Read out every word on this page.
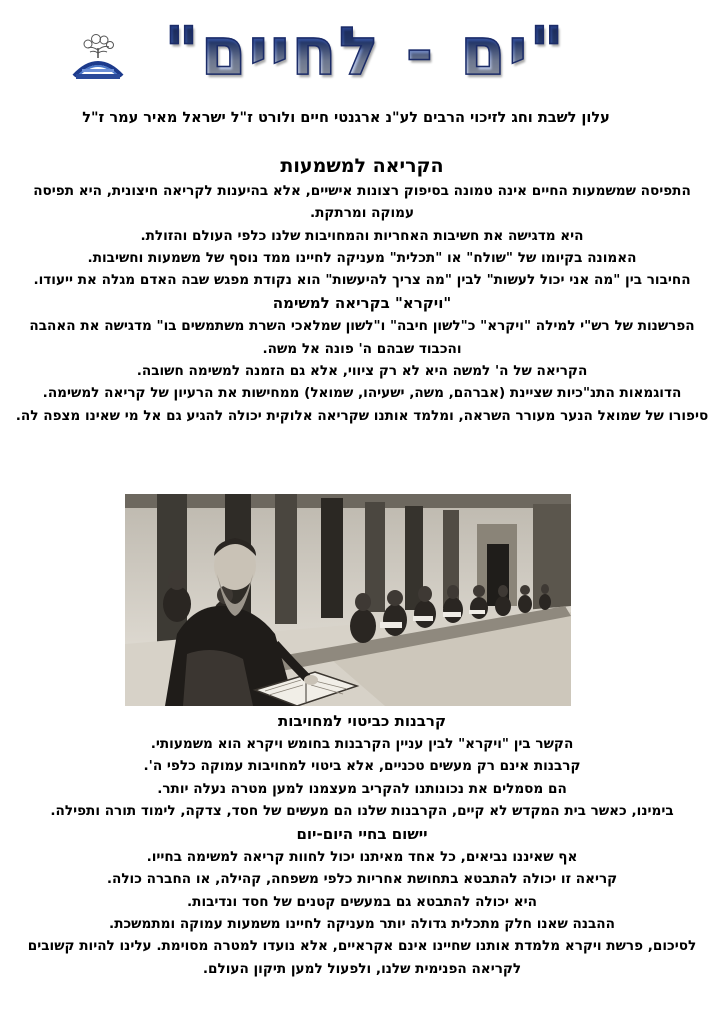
"ים - לחיים"
עלון לשבת וחג לזיכוי הרבים לע"נ ארגנטי חיים ולורט ז"ל ישראל מאיר עמר ז"ל
הקריאה למשמעות

התפיסה שמשמעות החיים אינה טמונה בסיפוק רצונות אישיים, אלא בהיענות לקריאה חיצונית, היא תפיסה עמוקה ומרתקת.

היא מדגישה את חשיבות האחריות והמחויבות שלנו כלפי העולם והזולת.

האמונה בקיומו של "שולח" או "תכלית" מעניקה לחיינו ממד נוסף של משמעות וחשיבות.

החיבור בין "מה אני יכול לעשות" לבין "מה צריך להיעשות" הוא נקודת מפגש שבה האדם מגלה את ייעודו.

"ויקרא" בקריאה למשימה

הפרשנות של רש"י למילה "ויקרא" כ"לשון חיבה" ו"לשון שמלאכי השרת משתמשים בו" מדגישה את האהבה והכבוד שבהם ה' פונה אל משה.

הקריאה של ה' למשה היא לא רק ציווי, אלא גם הזמנה למשימה חשובה.

הדוגמאות התנ"כיות שציינת (אברהם, משה, ישעיהו, שמואל) ממחישות את הרעיון של קריאה למשימה.

סיפורו של שמואל הנער מעורר השראה, ומלמד אותנו שקריאה אלוקית יכולה להגיע גם אל מי שאינו מצפה לה.

קרבנות כביטוי למחויבות

הקשר בין "ויקרא" לבין עניין הקרבנות בחומש ויקרא הוא משמעותי.

קרבנות אינם רק מעשים טכניים, אלא ביטוי למחויבות עמוקה כלפי ה'.

הם מסמלים את נכונותנו להקריב מעצמנו למען מטרה נעלה יותר.

בימינו, כאשר בית המקדש לא קיים, הקרבנות שלנו הם מעשים של חסד, צדקה, לימוד תורה ותפילה.

יישום בחיי היום-יום

אף שאיננו נביאים, כל אחד מאיתנו יכול לחוות קריאה למשימה בחייו.

קריאה זו יכולה להתבטא בתחושת אחריות כלפי משפחה, קהילה, או החברה כולה.

היא יכולה להתבטא גם במעשים קטנים של חסד ונדיבות.

ההבנה שאנו חלק מתכלית גדולה יותר מעניקה לחיינו משמעות עמוקה ומתמשכת.

לסיכום, פרשת ויקרא מלמדת אותנו שחיינו אינם אקראיים, אלא נועדו למטרה מסוימת. עלינו להיות קשובים לקריאה הפנימית שלנו, ולפעול למען תיקון העולם.
